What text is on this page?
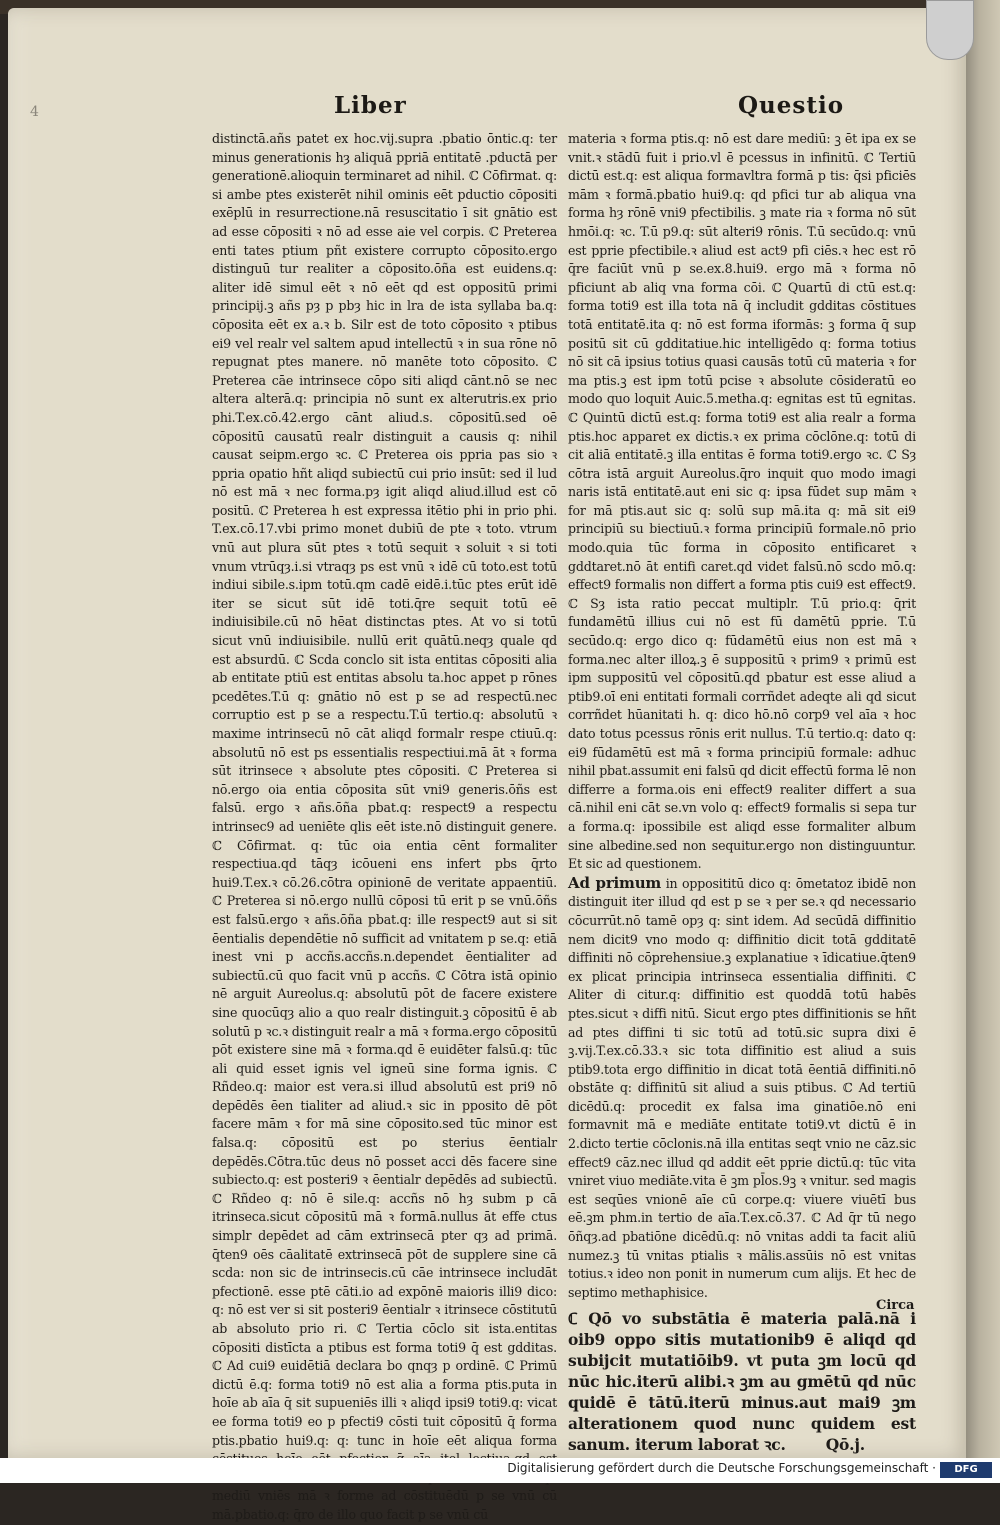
4	Liber	Questio

distinctā.añs patet ex hoc.vij.supra .pbatio ōntic.q: ter minus generationis hȝ aliquā ppriā entitatē .pductā per generationē.alioquin terminaret ad nihil. ℂ Cōfirmat. q: si ambe ptes existerēt nihil ominis eēt pductio cōpositi exēplū in resurrectione.nā resuscitatio ī sit gnātio est ad esse cōpositi ꝛ nō ad esse aie vel corpis. ℂ Preterea enti tates ptium pñt existere corrupto cōposito.ergo distinguū tur realiter a cōposito.ōña est euidens.q: aliter idē simul eēt ꝛ nō eēt qd est oppositū primi principij.ꝫ añs pȝ p pbȝ hic in lra de ista syllaba ba.q: cōposita eēt ex a.ꝛ b. Silr est de toto cōposito ꝛ ptibus ei9 vel realr vel saltem apud intellectū ꝛ in sua rōne nō repugnat ptes manere. nō manēte toto cōposito. ℂ Preterea cāe intrinsece cōpo siti aliqd cānt.nō se nec altera alterā.q: principia nō sunt ex alterutris.ex prio phi.T.ex.cō.42.ergo cānt aliud.s. cōpositū.sed oē cōpositū causatū realr distinguit a causis q: nihil causat seipm.ergo ꝛc. ℂ Preterea ois ppria pas sio ꝛ ppria opatio hñt aliqd subiectū cui prio insūt: sed il lud nō est mā ꝛ nec forma.pȝ igit aliqd aliud.illud est cō positū. ℂ Preterea h est expressa itētio phi in prio phi. T.ex.cō.17.vbi primo monet dubiū de pte ꝛ toto. vtrum vnū aut plura sūt ptes ꝛ totū sequit ꝛ soluit ꝛ si toti vnum vtrūqȝ.i.si vtraqȝ ps est vnū ꝛ idē cū toto.est totū indiui sibile.s.ipm totū.qm cadē eidē.i.tūc ptes erūt idē iter se sicut sūt idē toti.q̄re sequit totū eē indiuisibile.cū nō hēat distinctas ptes. At vo si totū sicut vnū indiuisibile. nullū erit quātū.neqȝ quale qd est absurdū. ℂ Scda conclo sit ista entitas cōpositi alia ab entitate ptiū est entitas absolu ta.hoc appet p rōnes pcedētes.T.ū q: gnātio nō est p se ad respectū.nec corruptio est p se a respectu.T.ū tertio.q: absolutū ꝛ maxime intrinsecū nō cāt aliqd formalr respe ctiuū.q: absolutū nō est ps essentialis respectiui.mā āt ꝛ forma sūt itrinsece ꝛ absolute ptes cōpositi. ℂ Preterea si nō.ergo oia entia cōposita sūt vni9 generis.ōñs est falsū. ergo ꝛ añs.ōña pbat.q: respect9 a respectu intrinsec9 ad ueniēte qlis eēt iste.nō distinguit genere. ℂ Cōfirmat. q: tūc oia entia cēnt formaliter respectiua.qd tāqȝ icōueni ens infert pbs q̄rto hui9.T.ex.ꝛ cō.26.cōtra opinionē de veritate appaentiū. ℂ Preterea si nō.ergo nullū cōposi tū erit p se vnū.ōñs est falsū.ergo ꝛ añs.ōña pbat.q: ille respect9 aut si sit ēentialis dependētie nō sufficit ad vnitatem p se.q: etiā inest vni p accñs.accñs.n.dependet ēentialiter ad subiectū.cū quo facit vnū p accñs. ℂ Cōtra istā opinio nē arguit Aureolus.q: absolutū pōt de facere existere sine quocūqȝ alio a quo realr distinguit.ꝫ cōpositū ē ab solutū p ꝛc.ꝛ distinguit realr a mā ꝛ forma.ergo cōpositū pōt existere sine mā ꝛ forma.qd ē euidēter falsū.q: tūc ali quid esset ignis vel igneū sine forma ignis. ℂ Rñdeo.q: maior est vera.si illud absolutū est pri9 nō depēdēs ēen tialiter ad aliud.ꝛ sic in pposito dē pōt facere mām ꝛ for mā sine cōposito.sed tūc minor est falsa.q: cōpositū est po sterius ēentialr depēdēs.Cōtra.tūc deus nō posset acci dēs facere sine subiecto.q: est posteri9 ꝛ ēentialr depēdēs ad subiectū. ℂ Rñdeo q: nō ē sile.q: accñs nō hȝ subm p cā itrinseca.sicut cōpositū mā ꝛ formā.nullus āt effe ctus simplr depēdet ad cām extrinsecā pter qȝ ad primā. q̄ten9 oēs cāalitatē extrinsecā pōt de supplere sine cā scda: non sic de intrinsecis.cū cāe intrinsece includāt pfectionē. esse ptē cāti.io ad expōnē maioris illi9 dico: q: nō est ver si sit posteri9 ēentialr ꝛ itrinsece cōstitutū ab absoluto prio ri. ℂ Tertia cōclo sit ista.entitas cōpositi distīcta a ptibus est forma toti9 q̄ est gdditas. ℂ Ad cui9 euidētiā declara bo qnqȝ p ordinē. ℂ Primū dictū ē.q: forma toti9 nō est alia a forma ptis.puta in hoīe ab aīa q̄ sit supueniēs illi ꝛ aliqd ipsi9 toti9.q: vicat ee forma toti9 eo p pfecti9 cōsti tuit cōpositū q̄ forma ptis.pbatio hui9.q: q: tunc in hoīe eēt aliqua forma mediū vniēs mā ꝛ forme ad cōstituēdū p se vnū cū mā.pbatio.q: q̄ro de illo quo facit p se vnū cū

materia ꝛ forma ptis.q: nō est dare mediū: ꝫ ēt ipa ex se vnit.ꝛ stādū fuit i prio.vl ē pcessus in infinitū. ℂ Tertiū dictū est.q: est aliqua formavltra formā p tis: q̄si pficiēs mām ꝛ formā.pbatio hui9.q: qd pfici tur ab aliqua vna forma hȝ rōnē vni9 pfectibilis. ꝫ mate ria ꝛ forma nō sūt hmōi.q: ꝛc. T.ū p9.q: sūt alteri9 rōnis. T.ū secūdo.q: vnū est pprie pfectibile.ꝛ aliud est act9 pfi ciēs.ꝛ hec est rō q̄re faciūt vnū p se.ex.8.hui9. ergo mā ꝛ forma nō pficiunt ab aliq vna forma cōi. ℂ Quartū di ctū est.q: forma toti9 est illa tota nā q̄ includit gdditas cōstitues totā entitatē.ita q: nō est forma iformās: ꝫ forma q̄ sup positū sit cū gdditatiue.hic intelligēdo q: forma totius nō sit cā ipsius totius quasi causās totū cū materia ꝛ for ma ptis.ꝫ est ipm totū pcise ꝛ absolute cōsideratū eo modo quo loquit Auic.5.metha.q: egnitas est tū egnitas. ℂ Quintū dictū est.q: forma toti9 est alia realr a forma ptis.hoc apparet ex dictis.ꝛ ex prima cōclōne.q: totū di cit aliā entitatē.ꝫ illa entitas ē forma toti9.ergo ꝛc. ℂ Sȝ cōtra istā arguit Aureolus.q̄ro inquit quo modo imagi naris istā entitatē.aut eni sic q: ipsa fūdet sup mām ꝛ for mā ptis.aut sic q: solū sup mā.ita q: mā sit ei9 principiū su biectiuū.ꝛ forma principiū formale.nō prio modo.quia tūc forma in cōposito entificaret ꝛ gddtaret.nō āt entifi caret.qd videt falsū.nō scdo mō.q: effect9 formalis non differt a forma ptis cui9 est effect9. ℂ Sȝ ista ratio peccat multiplr. T.ū prio.q: q̄rit fundamētū illius cui nō est fū damētū pprie. T.ū secūdo.q: ergo dico q: fūdamētū eius non est mā ꝛ forma.nec alter illoꝝ.ꝫ ē suppositū ꝛ prim9 ꝛ primū est ipm suppositū vel cōpositū.qd pbatur est esse aliud a ptib9.oī eni entitati formali corrñdet adeqte ali qd sicut corrñdet hūanitati h. q: dico hō.nō corp9 vel aīa ꝛ hoc dato totus pcessus rōnis erit nullus. T.ū tertio.q: dato q: ei9 fūdamētū est mā ꝛ forma principiū formale: adhuc nihil pbat.assumit eni falsū qd dicit effectū forma lē non differre a forma.ois eni effect9 realiter differt a sua cā.nihil eni cāt se.vn volo q: effect9 formalis si sepa tur a forma.q: ipossibile est aliqd esse formaliter album sine albedine.sed non sequitur.ergo non distinguuntur. Et sic ad questionem.

Ad primum in opposititū dico q: ōmetatoz ibidē non distinguit iter illud qd est p se ꝛ per se.ꝛ qd necessario cōcurrūt.nō tamē opȝ q: sint idem. Ad secūdā diffinitio nem dicit9 vno modo q: diffinitio dicit totā gdditatē diffiniti nō cōprehensiue.ꝫ explanatiue ꝛ īdicatiue.q̄ten9 ex plicat principia intrinseca essentialia diffiniti. ℂ Aliter di citur.q: diffinitio est quoddā totū habēs ptes.sicut ꝛ diffi nitū. Sicut ergo ptes diffinitionis se hñt ad ptes diffini ti sic totū ad totū.sic supra dixi ē ꝫ.vij.T.ex.cō.33.ꝛ sic tota diffinitio est aliud a suis ptib9.tota ergo diffinitio in dicat totā ēentiā diffiniti.nō obstāte q: diffinitū sit aliud a suis ptibus. ℂ Ad tertiū dicēdū.q: procedit ex falsa ima ginatiōe.nō eni formavnit mā e mediāte entitate toti9.vt dictū ē in 2.dicto tertie cōclonis.nā illa entitas seqt vnio ne cāz.sic effect9 cāz.nec illud qd addit eēt pprie dictū.q: tūc vita vniret viuo mediāte.vita ē ꝫm pl̄os.9ꝫ ꝛ vnitur. sed magis est seqūes vnionē aīe cū corpe.q: viuere viuētī bus eē.ꝫm phm.in tertio de aīa.T.ex.cō.37. ℂ Ad q̄r tū nego ōñqȝ.ad pbatiōne dicēdū.q: nō vnitas addi ta facit aliū numez.ꝫ tū vnitas ptialis ꝛ mālis.assūis nō est vnitas totius.ꝛ ideo non ponit in numerum cum alijs. Et hec de septimo methaphisice.

ℂ Qō vo substātia ē materia palā.nā i oib9 oppo sitis mutationib9 ē aliqd qd subijcit mutatiōib9. vt puta ꝫm locū qd nūc hic.iterū alibi.ꝛ ꝫm au gmētū qd nūc quidē ē tātū.iterū minus.aut mai9 ꝫm alterationem quod nunc quidem est sanum. iterum laborat ꝛc.	Qō.j.

Circa
Digitalisierung gefördert durch die Deutsche Forschungsgemeinschaft ·	DFG
